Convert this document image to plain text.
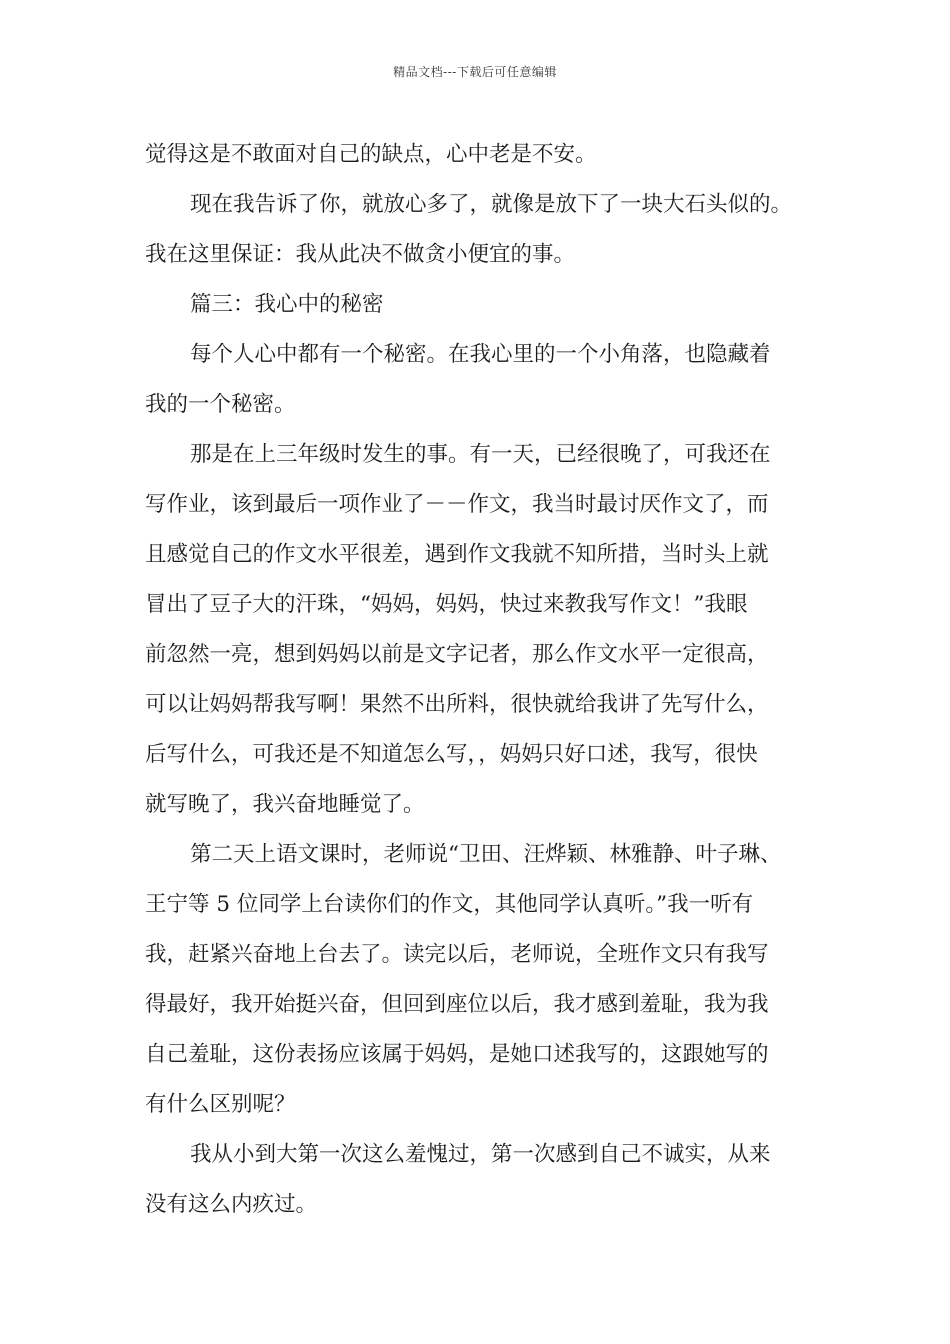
精品文档---下载后可任意编辑
觉得这是不敢面对自己的缺点，心中老是不安。
现在我告诉了你，就放心多了，就像是放下了一块大石头似的。
我在这里保证：我从此决不做贪小便宜的事。
篇三：我心中的秘密
每个人心中都有一个秘密。在我心里的一个小角落，也隐藏着
我的一个秘密。
那是在上三年级时发生的事。有一天，已经很晚了，可我还在
写作业，该到最后一项作业了－－作文，我当时最讨厌作文了，而
且感觉自己的作文水平很差，遇到作文我就不知所措，当时头上就
冒出了豆子大的汗珠，“妈妈，妈妈，快过来教我写作文！”我眼
前忽然一亮，想到妈妈以前是文字记者，那么作文水平一定很高，
可以让妈妈帮我写啊！果然不出所料，很快就给我讲了先写什么，
后写什么，可我还是不知道怎么写，，妈妈只好口述，我写，很快
就写晚了，我兴奋地睡觉了。
第二天上语文课时，老师说“卫田、汪烨颖、林雅静、叶子琳、
王宁等 5 位同学上台读你们的作文，其他同学认真听。”我一听有
我，赶紧兴奋地上台去了。读完以后，老师说，全班作文只有我写
得最好，我开始挺兴奋，但回到座位以后，我才感到羞耻，我为我
自己羞耻，这份表扬应该属于妈妈，是她口述我写的，这跟她写的
有什么区别呢？
我从小到大第一次这么羞愧过，第一次感到自己不诚实，从来
没有这么内疚过。
